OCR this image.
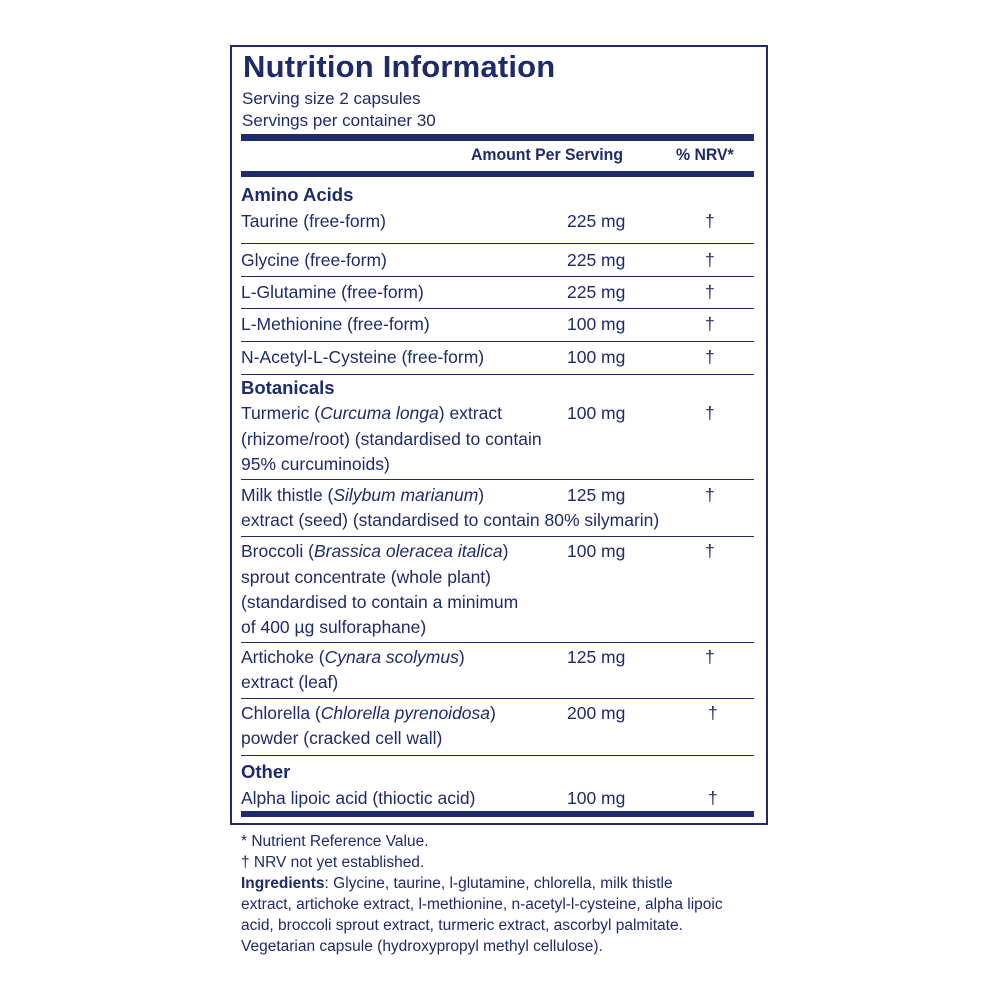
Nutrition Information
Serving size 2 capsules
Servings per container 30
Amount Per Serving	% NRV*
Amino Acids
Taurine (free-form)	225 mg	†
Glycine (free-form)	225 mg	†
L-Glutamine (free-form)	225 mg	†
L-Methionine (free-form)	100 mg	†
N-Acetyl-L-Cysteine (free-form)	100 mg	†
Botanicals
Turmeric (Curcuma longa) extract	100 mg	†
(rhizome/root) (standardised to contain
95% curcuminoids)
Milk thistle (Silybum marianum)	125 mg	†
extract (seed) (standardised to contain 80% silymarin)
Broccoli (Brassica oleracea italica)	100 mg	†
sprout concentrate (whole plant)
(standardised to contain a minimum
of 400 µg sulforaphane)
Artichoke (Cynara scolymus)	125 mg	†
extract (leaf)
Chlorella (Chlorella pyrenoidosa)	200 mg	†
powder (cracked cell wall)
Other
Alpha lipoic acid (thioctic acid)	100 mg	†
* Nutrient Reference Value.
† NRV not yet established.
Ingredients: Glycine, taurine, l-glutamine, chlorella, milk thistle
extract, artichoke extract, l-methionine, n-acetyl-l-cysteine, alpha lipoic
acid, broccoli sprout extract, turmeric extract, ascorbyl palmitate.
Vegetarian capsule (hydroxypropyl methyl cellulose).
